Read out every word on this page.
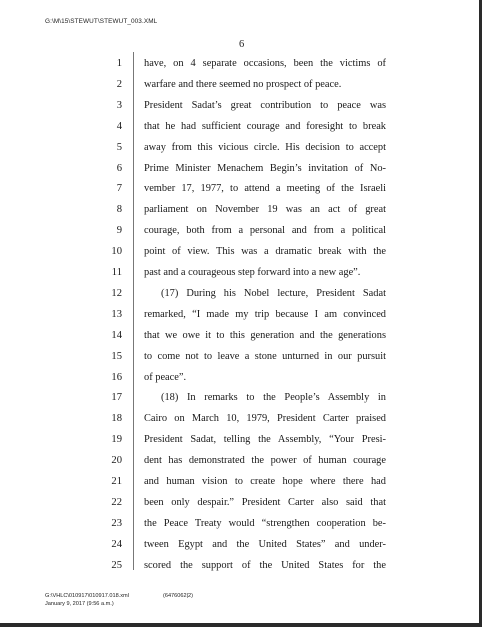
G:\M\15\STEWUT\STEWUT_003.XML
6
1 have, on 4 separate occasions, been the victims of
2 warfare and there seemed no prospect of peace.
3 President Sadat’s great contribution to peace was
4 that he had sufficient courage and foresight to break
5 away from this vicious circle. His decision to accept
6 Prime Minister Menachem Begin’s invitation of No-
7 vember 17, 1977, to attend a meeting of the Israeli
8 parliament on November 19 was an act of great
9 courage, both from a personal and from a political
10 point of view. This was a dramatic break with the
11 past and a courageous step forward into a new age”.
12	(17) During his Nobel lecture, President Sadat
13 remarked, “I made my trip because I am convinced
14 that we owe it to this generation and the generations
15 to come not to leave a stone unturned in our pursuit
16 of peace”.
17	(18) In remarks to the People’s Assembly in
18 Cairo on March 10, 1979, President Carter praised
19 President Sadat, telling the Assembly, “Your Presi-
20 dent has demonstrated the power of human courage
21 and human vision to create hope where there had
22 been only despair.” President Carter also said that
23 the Peace Treaty would “strengthen cooperation be-
24 tween Egypt and the United States” and under-
25 scored the support of the United States for the
G:\VHLC\010917\010917.018.xml	(6476062|2)
January 9, 2017 (9:56 a.m.)
